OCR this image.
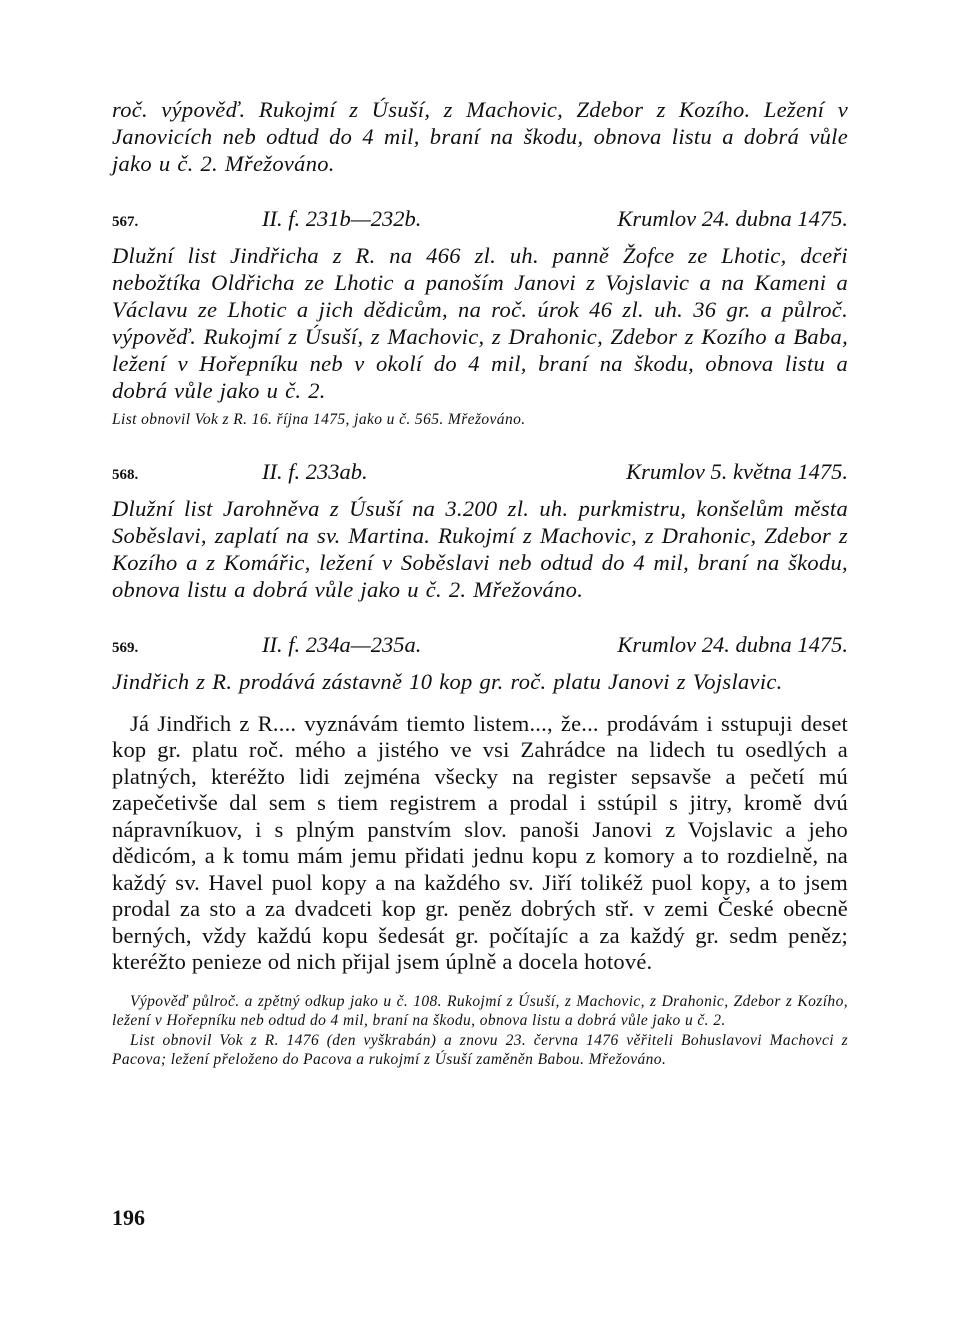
roč. výpověď. Rukojmí z Úsuší, z Machovic, Zdebor z Kozího. Ležení v Janovicích neb odtud do 4 mil, braní na škodu, obnova listu a dobrá vůle jako u č. 2. Mřežováno.

567.	II. f. 231b—232b.	Krumlov 24. dubna 1475.

Dlužní list Jindřicha z R. na 466 zl. uh. panně Žofce ze Lhotic, dceři nebožtíka Oldřicha ze Lhotic a panoším Janovi z Vojslavic a na Kameni a Václavu ze Lhotic a jich dědicům, na roč. úrok 46 zl. uh. 36 gr. a půlroč. výpověď. Rukojmí z Úsuší, z Machovic, z Drahonic, Zdebor z Kozího a Baba, ležení v Hořepníku neb v okolí do 4 mil, braní na škodu, obnova listu a dobrá vůle jako u č. 2.

List obnovil Vok z R. 16. října 1475, jako u č. 565. Mřežováno.

568.	II. f. 233ab.	Krumlov 5. května 1475.

Dlužní list Jarohněva z Úsuší na 3.200 zl. uh. purkmistru, konšelům města Soběslavi, zaplatí na sv. Martina. Rukojmí z Machovic, z Drahonic, Zdebor z Kozího a z Komářic, ležení v Soběslavi neb odtud do 4 mil, braní na škodu, obnova listu a dobrá vůle jako u č. 2. Mřežováno.

569.	II. f. 234a—235a.	Krumlov 24. dubna 1475.

Jindřich z R. prodává zástavně 10 kop gr. roč. platu Janovi z Vojslavic.

Já Jindřich z R.... vyznávám tiemto listem..., že... prodávám i sstupuji deset kop gr. platu roč. mého a jistého ve vsi Zahrádce na lidech tu osedlých a platných, kteréžto lidi zejména všecky na register sepsavše a pečetí mú zapečetivše dal sem s tiem registrem a prodal i sstúpil s jitry, kromě dvú nápravníkuov, i s plným panstvím slov. panoši Janovi z Vojslavic a jeho dědicóm, a k tomu mám jemu přidati jednu kopu z komory a to rozdielně, na každý sv. Havel puol kopy a na každého sv. Jiří tolikéž puol kopy, a to jsem prodal za sto a za dvadceti kop gr. peněz dobrých stř. v zemi České obecně berných, vždy každú kopu šedesát gr. počítajíc a za každý gr. sedm peněz; kteréžto penieze od nich přijal jsem úplně a docela hotové.

Výpověď půlroč. a zpětný odkup jako u č. 108. Rukojmí z Úsuší, z Machovic, z Drahonic, Zdebor z Kozího, ležení v Hořepníku neb odtud do 4 mil, braní na škodu, obnova listu a dobrá vůle jako u č. 2.

List obnovil Vok z R. 1476 (den vyškrabán) a znovu 23. června 1476 věřiteli Bohuslavovi Machovci z Pacova; ležení přeloženo do Pacova a rukojmí z Úsuší zaměněn Babou. Mřežováno.

196
